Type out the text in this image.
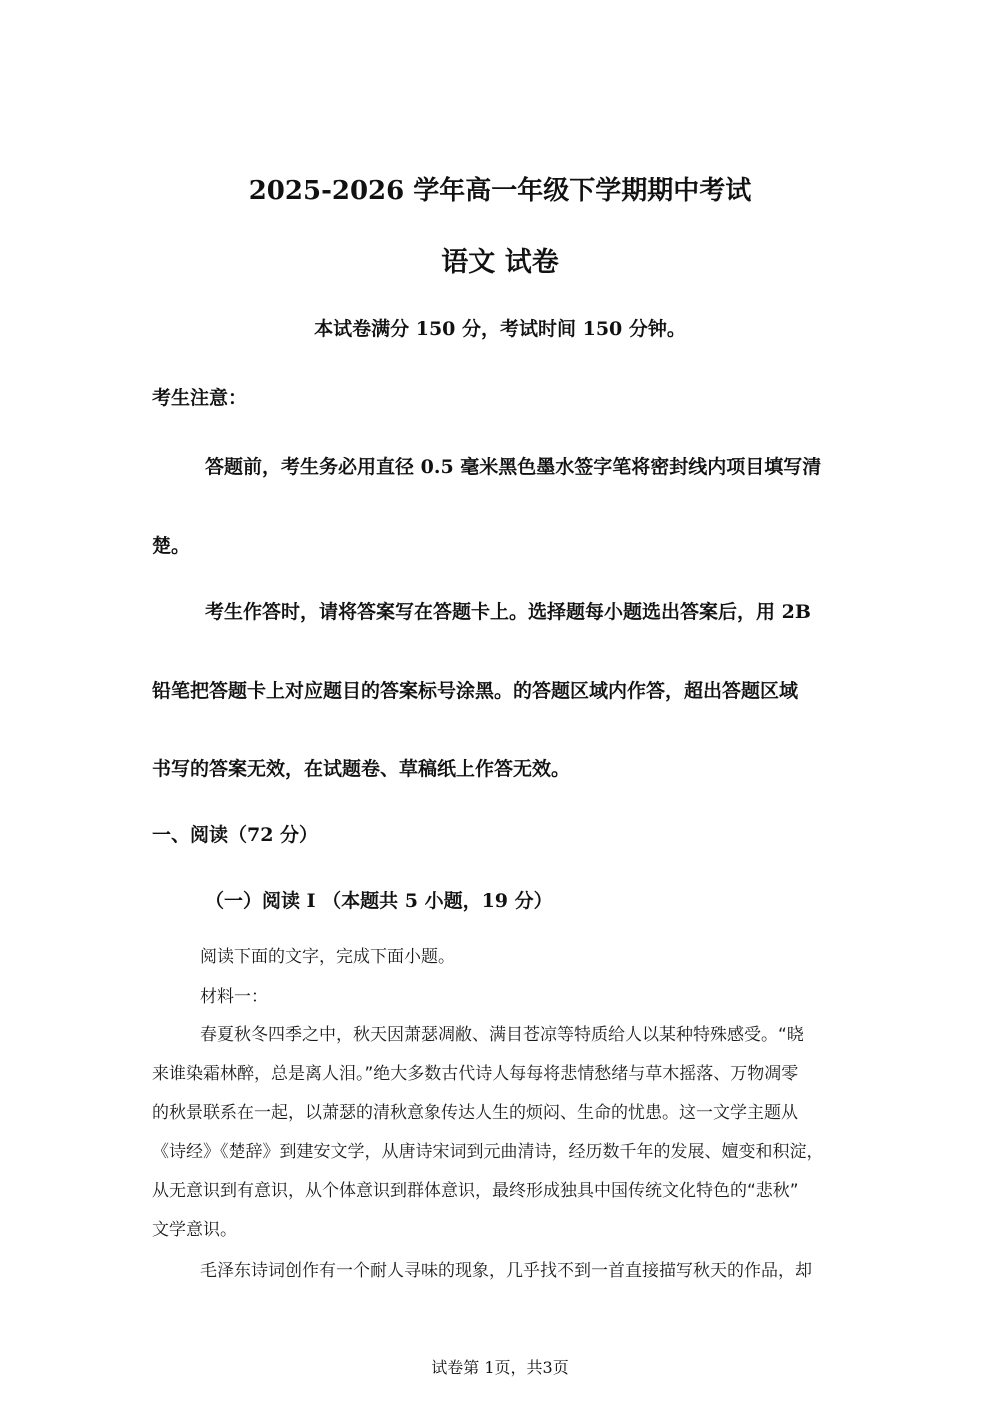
2025-2026 学年高一年级下学期期中考试
语文 试卷
本试卷满分 150 分，考试时间 150 分钟。
考生注意：
答题前，考生务必用直径 0.5 毫米黑色墨水签字笔将密封线内项目填写清
楚。
考生作答时，请将答案写在答题卡上。选择题每小题选出答案后，用 2B
铅笔把答题卡上对应题目的答案标号涂黑。的答题区域内作答，超出答题区域
书写的答案无效，在试题卷、草稿纸上作答无效。
一、阅读（72 分）
（一）阅读 I （本题共 5 小题，19 分）
阅读下面的文字，完成下面小题。
材料一：
春夏秋冬四季之中，秋天因萧瑟凋敝、满目苍凉等特质给人以某种特殊感受。“晓
来谁染霜林醉，总是离人泪。”绝大多数古代诗人每每将悲情愁绪与草木摇落、万物凋零
的秋景联系在一起，以萧瑟的清秋意象传达人生的烦闷、生命的忧患。这一文学主题从
《诗经》《楚辞》到建安文学，从唐诗宋词到元曲清诗，经历数千年的发展、嬗变和积淀，
从无意识到有意识，从个体意识到群体意识，最终形成独具中国传统文化特色的“悲秋”
文学意识。
毛泽东诗词创作有一个耐人寻味的现象，几乎找不到一首直接描写秋天的作品，却
试卷第 1页，共3页
